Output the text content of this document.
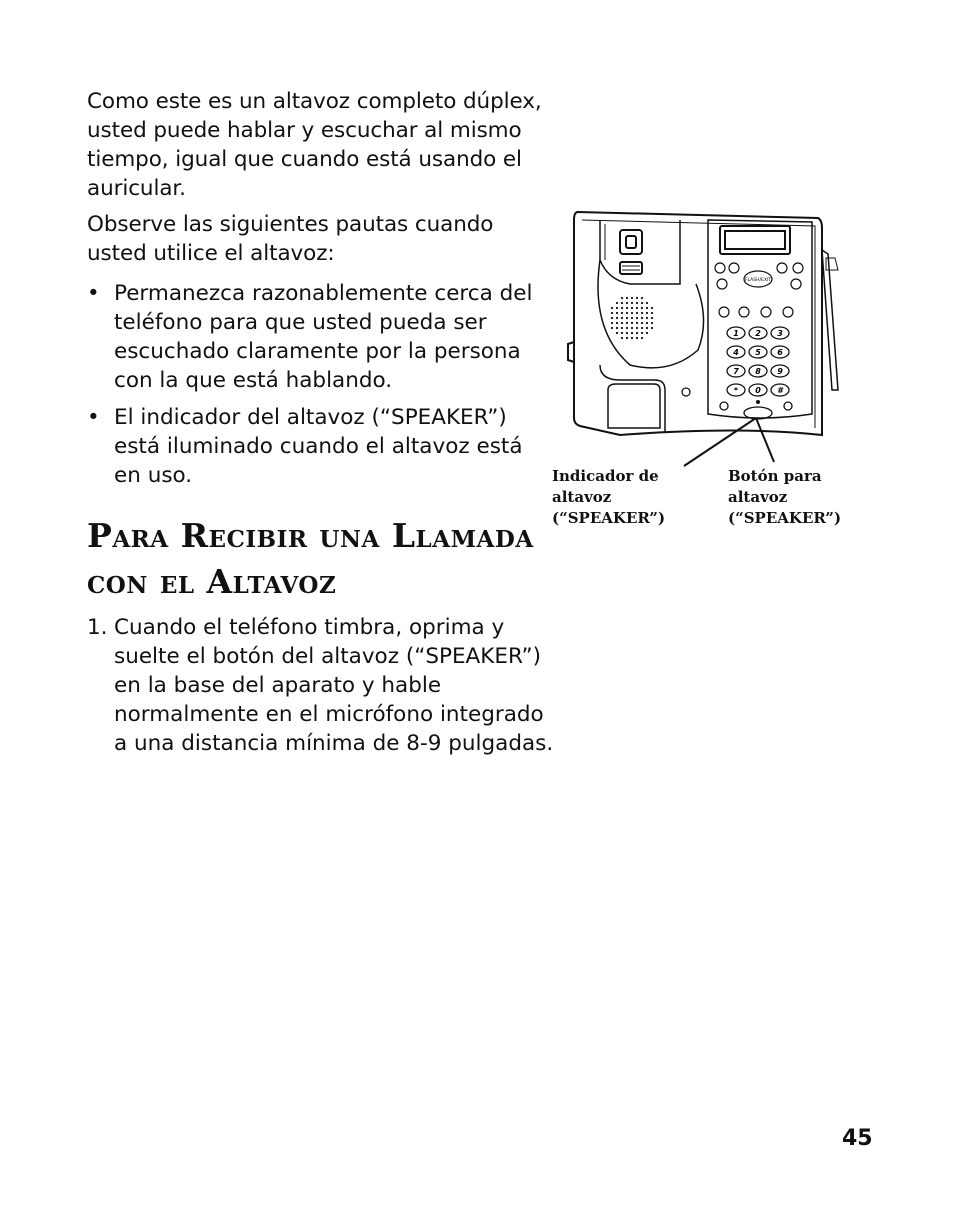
Como este es un altavoz completo dúplex, usted puede hablar y escuchar al mismo tiempo, igual que cuando está usando el auricular.
Observe las siguientes pautas cuando usted utilice el altavoz:
• Permanezca razonablemente cerca del teléfono para que usted pueda ser escuchado claramente por la persona con la que está hablando.
• El indicador del altavoz (“SPEAKER”) está iluminado cuando el altavoz está en uso.
Para Recibir una Llamada
con el Altavoz
1. Cuando el teléfono timbra, oprima y suelte el botón del altavoz (“SPEAKER”) en la base del aparato y hable normalmente en el micrófono integrado a una distancia mínima de 8-9 pulgadas.
FLASH/EXIT
1 2 3
4 5 6
7 8 9
* 0 #
Indicador de
altavoz
(“SPEAKER”)
Botón para
altavoz
(“SPEAKER”)
45
